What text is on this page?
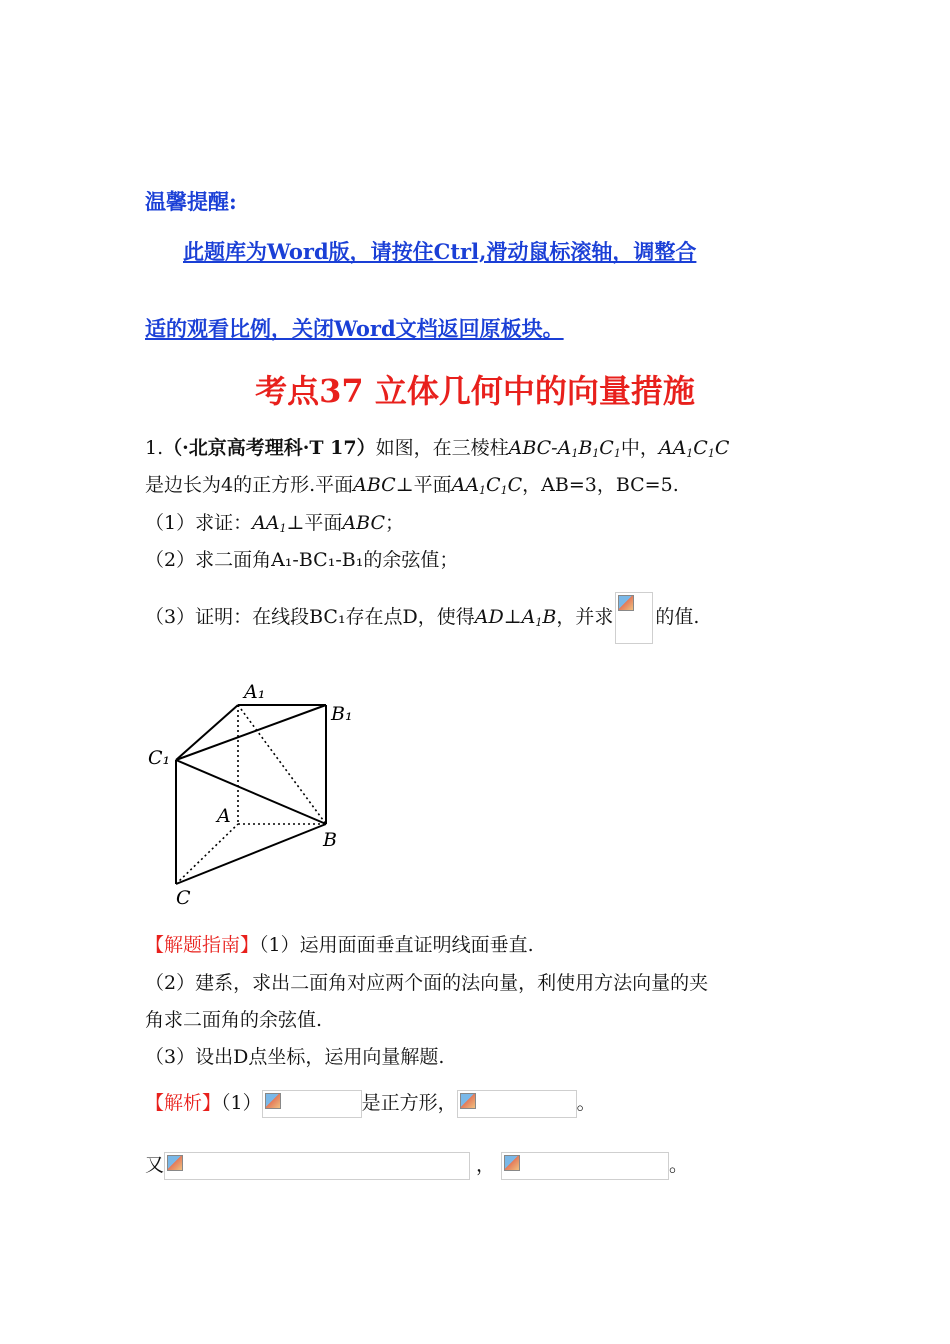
温馨提醒:
此题库为Word版，请按住Ctrl,滑动鼠标滚轴，调整合
适的观看比例，关闭Word文档返回原板块。
考点37 立体几何中的向量措施
1.（·北京高考理科·T 17）如图，在三棱柱ABC-$A_1B_1C_1$中，$AA_1C_1C$
是边长为4的正方形.平面ABC⊥平面$AA_1C_1C$，AB=3，BC=5.
（1）求证：$AA_1\perp$平面ABC；
（2）求二面角A₁-BC₁-B₁的余弦值；
（3）证明：在线段BC₁存在点D，使得$AD\perp A_1B$，并求 的值.
A₁
B₁
C₁
A
B
C
【解题指南】（1）运用面面垂直证明线面垂直.
（2）建系，求出二面角对应两个面的法向量，利使用方法向量的夹
角求二面角的余弦值.
（3）设出D点坐标，运用向量解题.
【解析】（1）	是正方形，	。
又	，	。
